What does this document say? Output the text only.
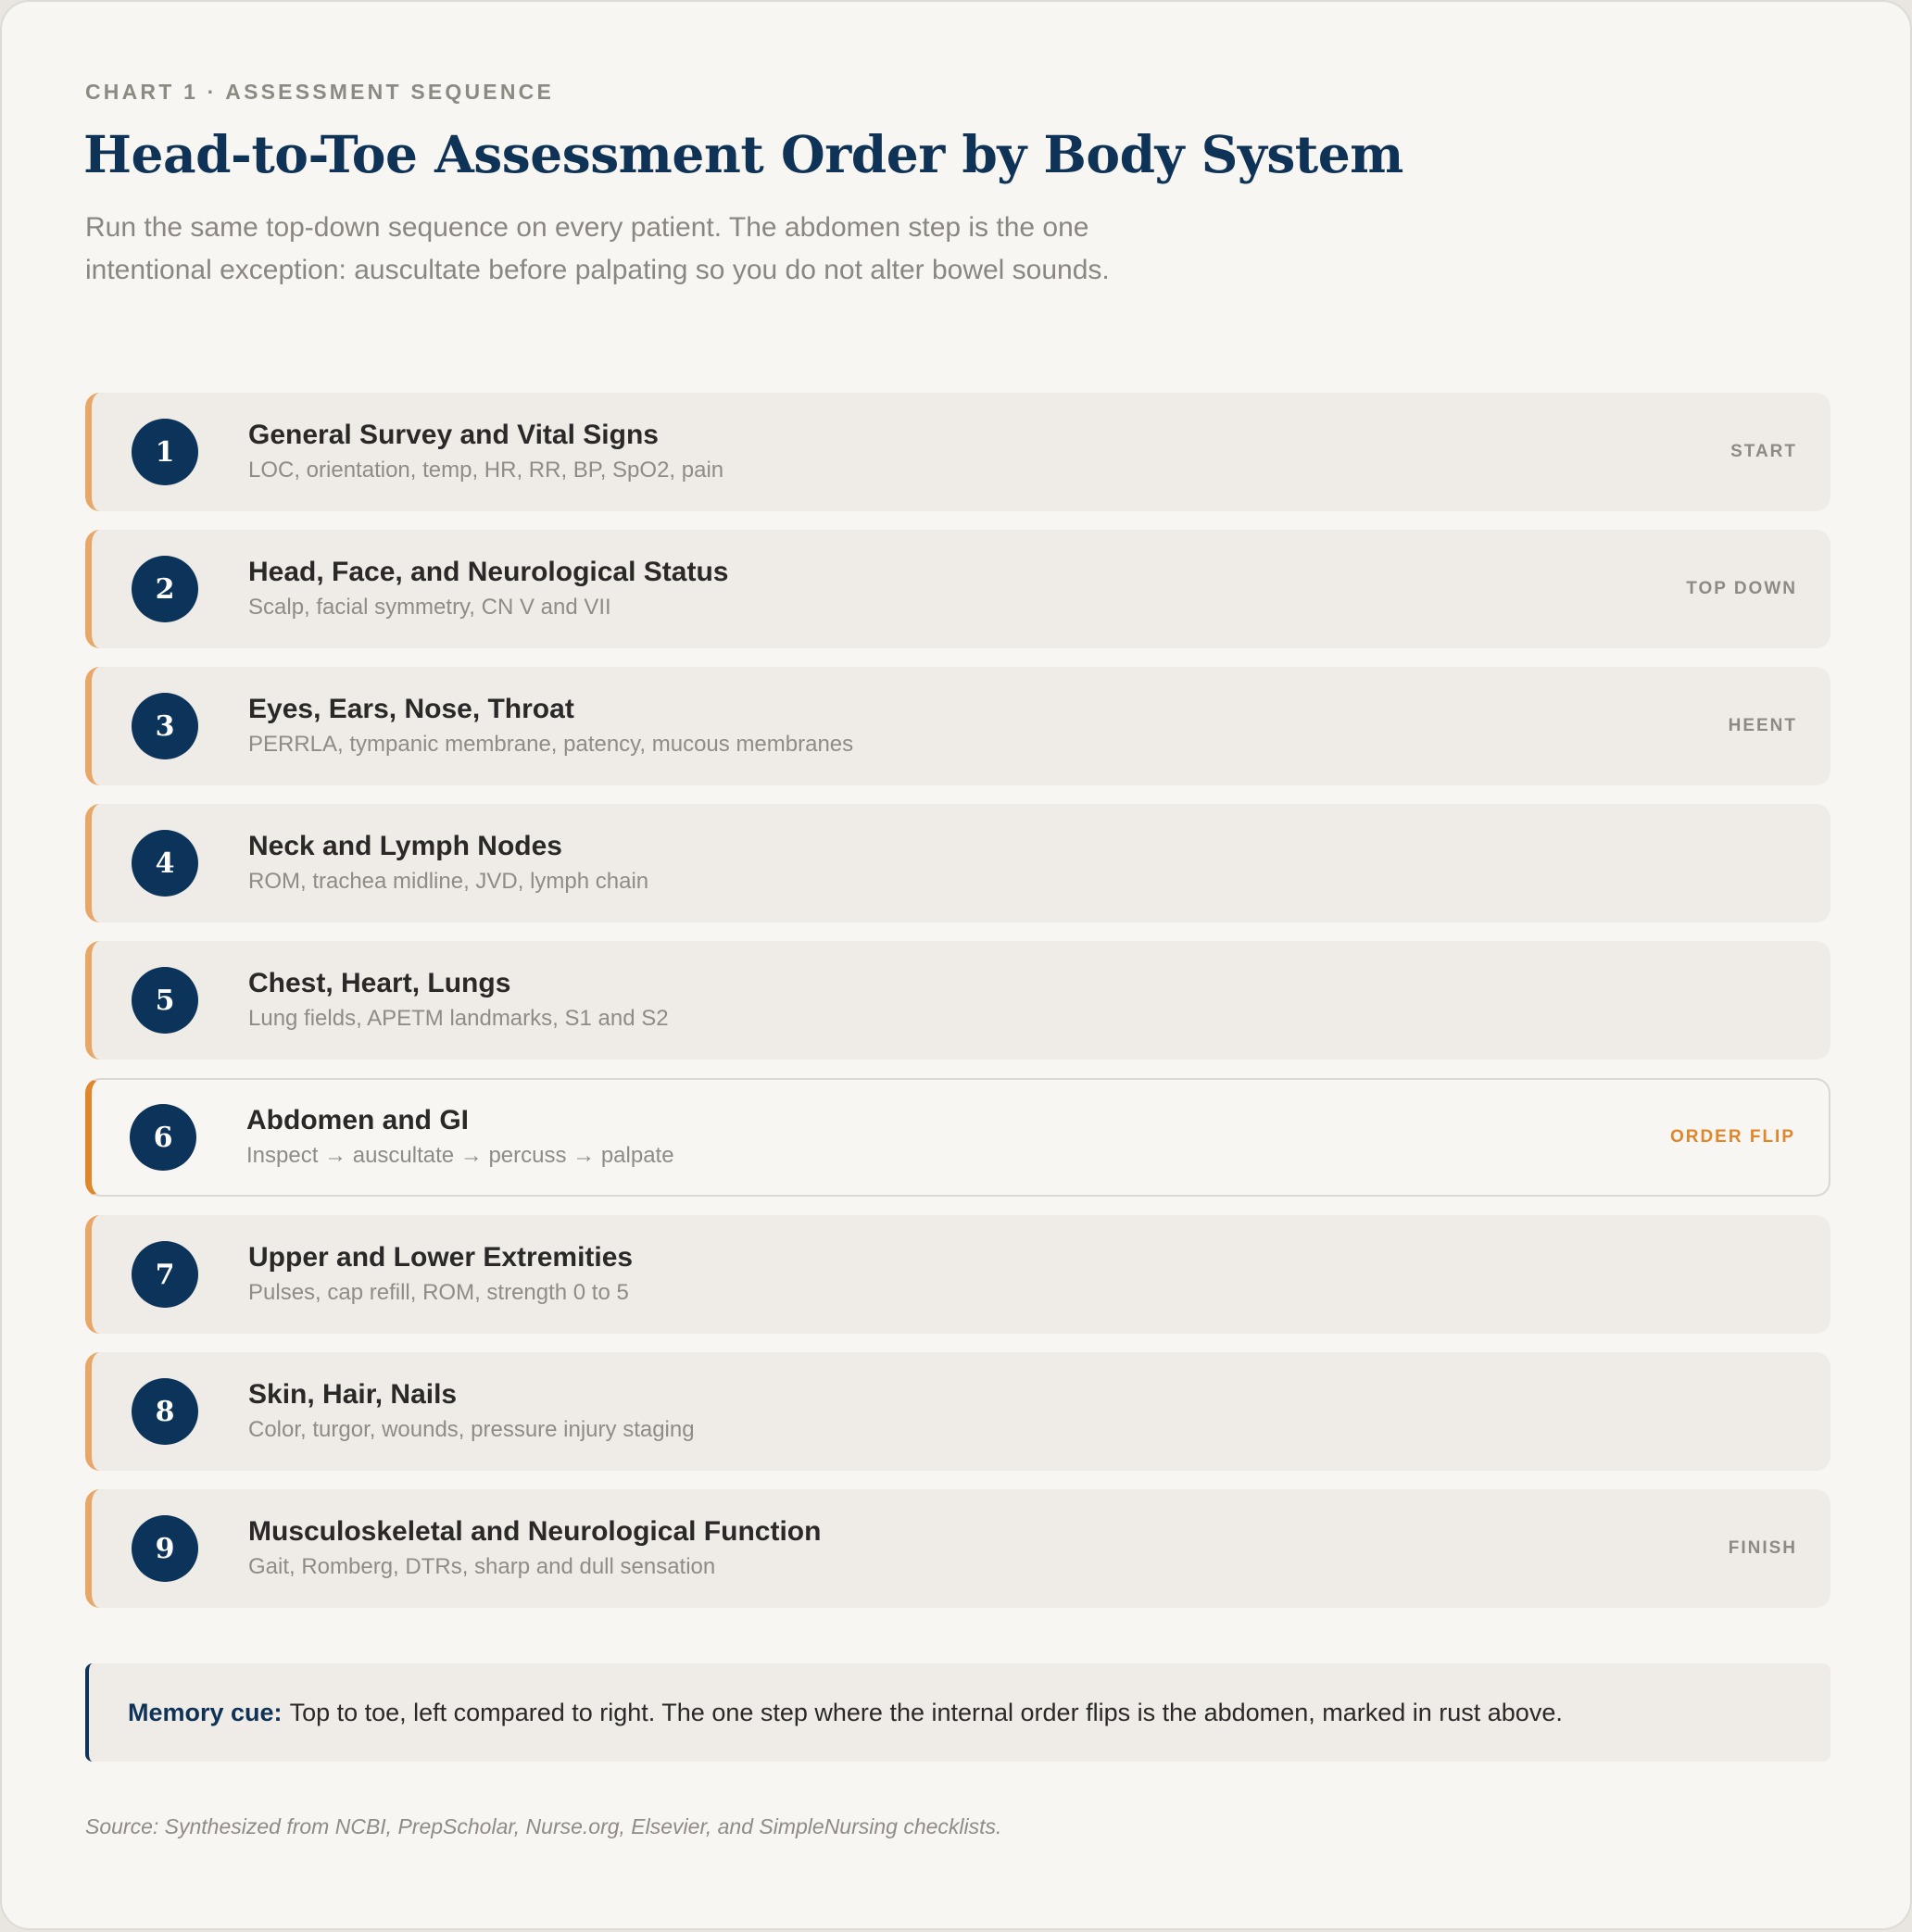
CHART 1 · ASSESSMENT SEQUENCE
Head-to-Toe Assessment Order by Body System

Run the same top-down sequence on every patient. The abdomen step is the one intentional exception: auscultate before palpating so you do not alter bowel sounds.

1
General Survey and Vital Signs
LOC, orientation, temp, HR, RR, BP, SpO2, pain
START
2
Head, Face, and Neurological Status
Scalp, facial symmetry, CN V and VII
TOP DOWN
3
Eyes, Ears, Nose, Throat
PERRLA, tympanic membrane, patency, mucous membranes
HEENT
4
Neck and Lymph Nodes
ROM, trachea midline, JVD, lymph chain
5
Chest, Heart, Lungs
Lung fields, APETM landmarks, S1 and S2
6
Abdomen and GI
Inspect → auscultate → percuss → palpate
ORDER FLIP
7
Upper and Lower Extremities
Pulses, cap refill, ROM, strength 0 to 5
8
Skin, Hair, Nails
Color, turgor, wounds, pressure injury staging
9
Musculoskeletal and Neurological Function
Gait, Romberg, DTRs, sharp and dull sensation
FINISH
Memory cue: Top to toe, left compared to right. The one step where the internal order flips is the abdomen, marked in rust above.
Source: Synthesized from NCBI, PrepScholar, Nurse.org, Elsevier, and SimpleNursing checklists.
